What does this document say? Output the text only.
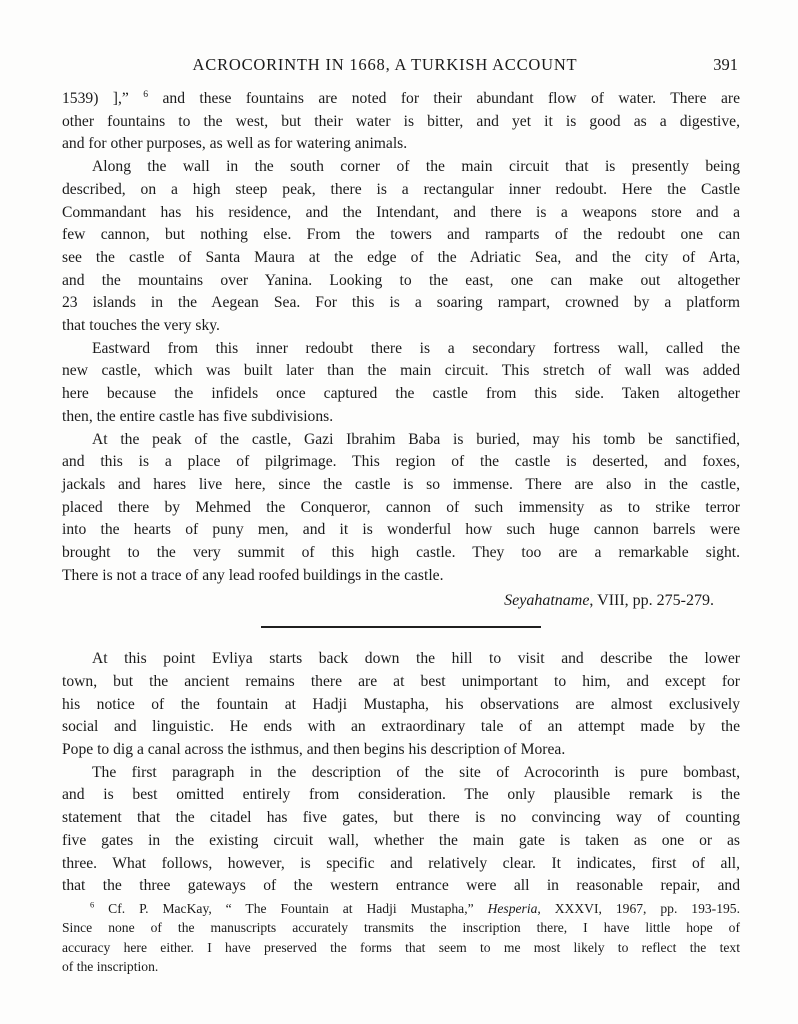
ACROCORINTH IN 1668, A TURKISH ACCOUNT	391
1539) ],” $^6$ and these fountains are noted for their abundant flow of water. There are
other fountains to the west, but their water is bitter, and yet it is good as a digestive,
and for other purposes, as well as for watering animals.
Along the wall in the south corner of the main circuit that is presently being
described, on a high steep peak, there is a rectangular inner redoubt. Here the Castle
Commandant has his residence, and the Intendant, and there is a weapons store and a
few cannon, but nothing else. From the towers and ramparts of the redoubt one can
see the castle of Santa Maura at the edge of the Adriatic Sea, and the city of Arta,
and the mountains over Yanina. Looking to the east, one can make out altogether
23 islands in the Aegean Sea. For this is a soaring rampart, crowned by a platform
that touches the very sky.
Eastward from this inner redoubt there is a secondary fortress wall, called the
new castle, which was built later than the main circuit. This stretch of wall was added
here because the infidels once captured the castle from this side. Taken altogether
then, the entire castle has five subdivisions.
At the peak of the castle, Gazi Ibrahim Baba is buried, may his tomb be sanctified,
and this is a place of pilgrimage. This region of the castle is deserted, and foxes,
jackals and hares live here, since the castle is so immense. There are also in the castle,
placed there by Mehmed the Conqueror, cannon of such immensity as to strike terror
into the hearts of puny men, and it is wonderful how such huge cannon barrels were
brought to the very summit of this high castle. They too are a remarkable sight.
There is not a trace of any lead roofed buildings in the castle.
Seyahatname, VIII, pp. 275-279.
At this point Evliya starts back down the hill to visit and describe the lower
town, but the ancient remains there are at best unimportant to him, and except for
his notice of the fountain at Hadji Mustapha, his observations are almost exclusively
social and linguistic. He ends with an extraordinary tale of an attempt made by the
Pope to dig a canal across the isthmus, and then begins his description of Morea.
The first paragraph in the description of the site of Acrocorinth is pure bombast,
and is best omitted entirely from consideration. The only plausible remark is the
statement that the citadel has five gates, but there is no convincing way of counting
five gates in the existing circuit wall, whether the main gate is taken as one or as
three. What follows, however, is specific and relatively clear. It indicates, first of all,
that the three gateways of the western entrance were all in reasonable repair, and
$^6$ Cf. P. MacKay, “ The Fountain at Hadji Mustapha,” Hesperia, XXXVI, 1967, pp. 193-195.
Since none of the manuscripts accurately transmits the inscription there, I have little hope of
accuracy here either. I have preserved the forms that seem to me most likely to reflect the text
of the inscription.
